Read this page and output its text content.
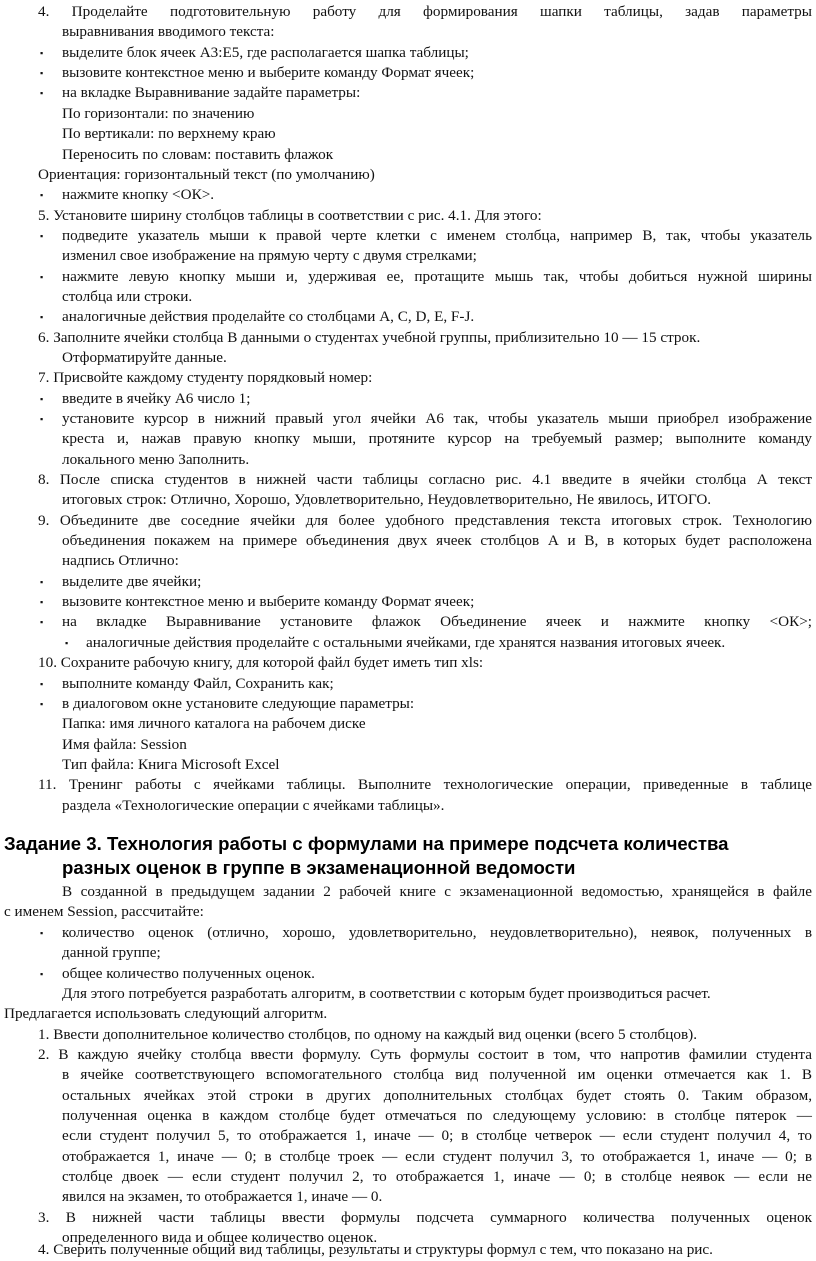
4. Проделайте подготовительную работу для формирования шапки таблицы, задав параметры
выравнивания вводимого текста:
▪ выделите блок ячеек А3:Е5, где располагается шапка таблицы;
▪ вызовите контекстное меню и выберите команду Формат ячеек;
▪ на вкладке Выравнивание задайте параметры:
По горизонтали: по значению
По вертикали: по верхнему краю
Переносить по словам: поставить флажок
Ориентация: горизонтальный текст (по умолчанию)
▪ нажмите кнопку <ОК>.
5. Установите ширину столбцов таблицы в соответствии с рис. 4.1. Для этого:
▪ подведите указатель мыши к правой черте клетки с именем столбца, например В, так, чтобы указатель
изменил свое изображение на прямую черту с двумя стрелками;
▪ нажмите левую кнопку мыши и, удерживая ее, протащите мышь так, чтобы добиться нужной ширины
столбца или строки.
▪ аналогичные действия проделайте со столбцами А, С, D, Е, F-J.
6. Заполните ячейки столбца В данными о студентах учебной группы, приблизительно 10 — 15 строк.
Отформатируйте данные.
7. Присвойте каждому студенту порядковый номер:
▪ введите в ячейку А6 число 1;
▪ установите курсор в нижний правый угол ячейки А6 так, чтобы указатель мыши приобрел изображение
креста и, нажав правую кнопку мыши, протяните курсор на требуемый размер; выполните команду
локального меню Заполнить.
8. После списка студентов в нижней части таблицы согласно рис. 4.1 введите в ячейки столбца А текст
итоговых строк: Отлично, Хорошо, Удовлетворительно, Неудовлетворительно, Не явилось, ИТОГО.
9. Объедините две соседние ячейки для более удобного представления текста итоговых строк. Технологию
объединения покажем на примере объединения двух ячеек столбцов А и В, в которых будет расположена
надпись Отлично:
▪ выделите две ячейки;
▪ вызовите контекстное меню и выберите команду Формат ячеек;
▪ на вкладке Выравнивание установите флажок Объединение ячеек и нажмите кнопку <ОК>;
▪ аналогичные действия проделайте с остальными ячейками, где хранятся названия итоговых ячеек.
10. Сохраните рабочую книгу, для которой файл будет иметь тип xls:
▪ выполните команду Файл, Сохранить как;
▪ в диалоговом окне установите следующие параметры:
Папка: имя личного каталога на рабочем диске
Имя файла: Session
Тип файла: Книга Microsoft Excel
11. Тренинг работы с ячейками таблицы. Выполните технологические операции, приведенные в таблице
раздела «Технологические операции с ячейками таблицы».
Задание 3. Технология работы с формулами на примере подсчета количества
разных оценок в группе в экзаменационной ведомости
В созданной в предыдущем задании 2 рабочей книге с экзаменационной ведомостью, хранящейся в файле
с именем Session, рассчитайте:
▪ количество оценок (отлично, хорошо, удовлетворительно, неудовлетворительно), неявок, полученных в
данной группе;
▪ общее количество полученных оценок.
Для этого потребуется разработать алгоритм, в соответствии с которым будет производиться расчет.
Предлагается использовать следующий алгоритм.
1. Ввести дополнительное количество столбцов, по одному на каждый вид оценки (всего 5 столбцов).
2. В каждую ячейку столбца ввести формулу. Суть формулы состоит в том, что напротив фамилии студента
в ячейке соответствующего вспомогательного столбца вид полученной им оценки отмечается как 1. В
остальных ячейках этой строки в других дополнительных столбцах будет стоять 0. Таким образом,
полученная оценка в каждом столбце будет отмечаться по следующему условию: в столбце пятерок —
если студент получил 5, то отображается 1, иначе — 0; в столбце четверок — если студент получил 4, то
отображается 1, иначе — 0; в столбце троек — если студент получил 3, то отображается 1, иначе — 0; в
столбце двоек — если студент получил 2, то отображается 1, иначе — 0; в столбце неявок — если не
явился на экзамен, то отображается 1, иначе — 0.
3. В нижней части таблицы ввести формулы подсчета суммарного количества полученных оценок
определенного вида и общее количество оценок.
4. Сверить полученные общий вид таблицы, результаты и структуры формул с тем, что показано на рис.
